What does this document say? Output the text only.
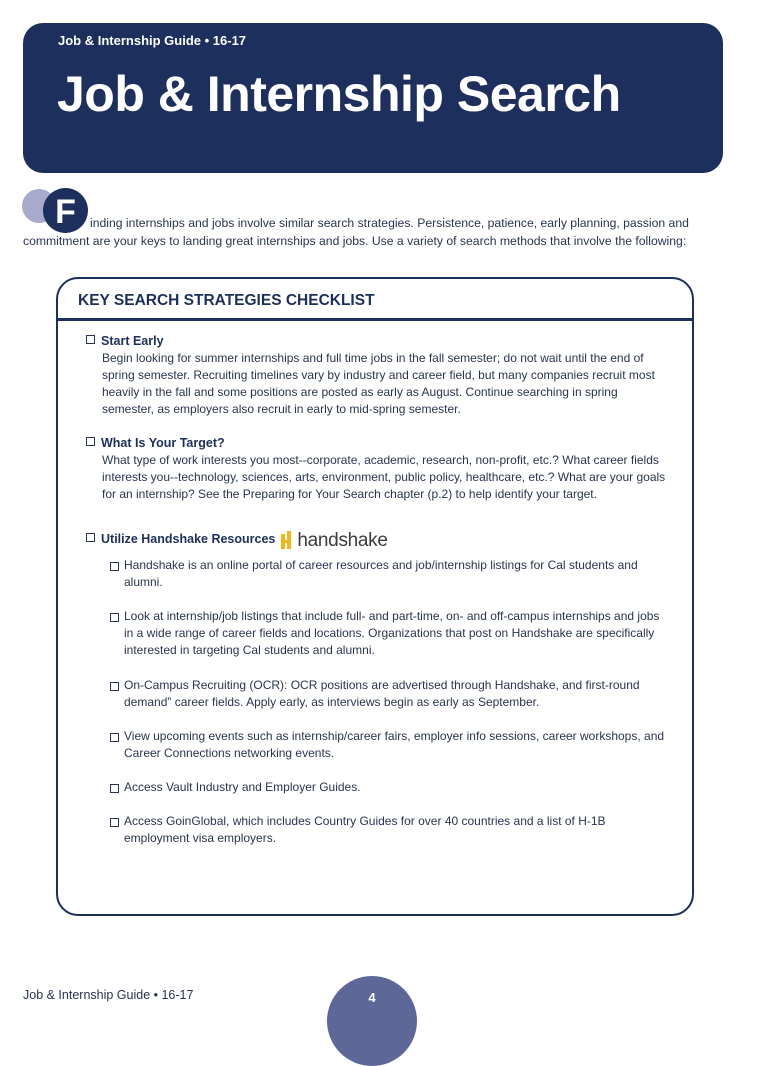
Job & Internship Guide • 16-17
Job & Internship Search
F	inding internships and jobs involve similar search strategies. Persistence, patience, early planning, passion and
commitment are your keys to landing great internships and jobs. Use a variety of search methods that involve the following:
KEY SEARCH STRATEGIES CHECKLIST
Start Early
Begin looking for summer internships and full time jobs in the fall semester; do not wait until the end of spring semester. Recruiting timelines vary by industry and career field, but many companies recruit most heavily in the fall and some positions are posted as early as August. Continue searching in spring semester, as employers also recruit in early to mid-spring semester.
What Is Your Target?
What type of work interests you most--corporate, academic, research, non-profit, etc.? What career fields interests you--technology, sciences, arts, environment, public policy, healthcare, etc.? What are your goals for an internship? See the Preparing for Your Search chapter (p.2) to help identify your target.
Utilize Handshake Resources handshake
Handshake is an online portal of career resources and job/internship listings for Cal students and alumni.
Look at internship/job listings that include full- and part-time, on- and off-campus internships and jobs in a wide range of career fields and locations. Organizations that post on Handshake are specifically interested in targeting Cal students and alumni.
On-Campus Recruiting (OCR): OCR positions are advertised through Handshake, and first-round demand” career fields. Apply early, as interviews begin as early as September.
View upcoming events such as internship/career fairs, employer info sessions, career workshops, and Career Connections networking events.
Access Vault Industry and Employer Guides.
Access GoinGlobal, which includes Country Guides for over 40 countries and a list of H-1B employment visa employers.
Job & Internship Guide • 16-17	4
